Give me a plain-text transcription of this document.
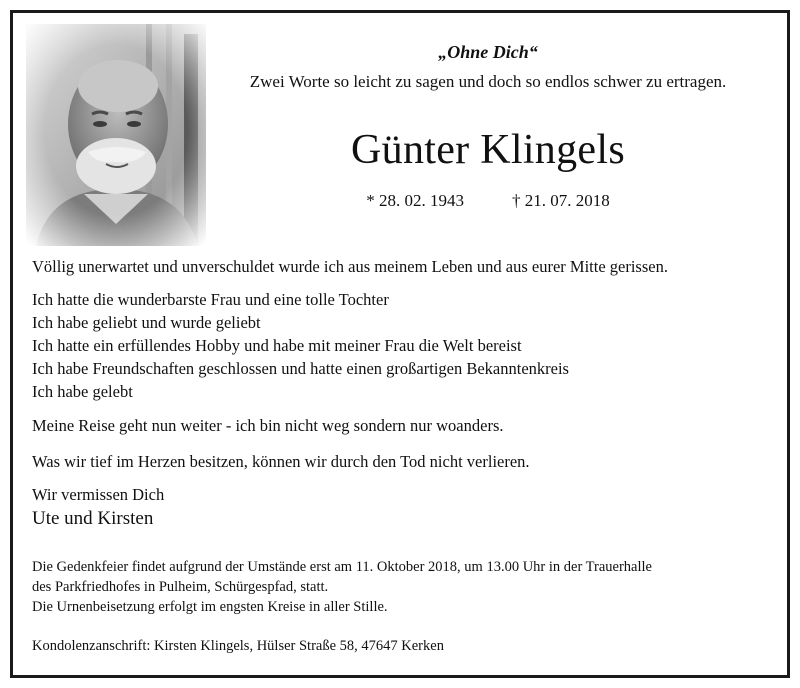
„Ohne Dich“
Zwei Worte so leicht zu sagen und doch so endlos schwer zu ertragen.
Günter Klingels
* 28. 02. 1943	† 21. 07. 2018
Völlig unerwartet und unverschuldet wurde ich aus meinem Leben und aus eurer Mitte gerissen.
Ich hatte die wunderbarste Frau und eine tolle Tochter
Ich habe geliebt und wurde geliebt
Ich hatte ein erfüllendes Hobby und habe mit meiner Frau die Welt bereist
Ich habe Freundschaften geschlossen und hatte einen großartigen Bekanntenkreis
Ich habe gelebt
Meine Reise geht nun weiter - ich bin nicht weg sondern nur woanders.
Was wir tief im Herzen besitzen, können wir durch den Tod nicht verlieren.
Wir vermissen Dich
Ute und Kirsten
Die Gedenkfeier findet aufgrund der Umstände erst am 11. Oktober 2018, um 13.00 Uhr in der Trauerhalle
des Parkfriedhofes in Pulheim, Schürgespfad, statt.
Die Urnenbeisetzung erfolgt im engsten Kreise in aller Stille.
Kondolenzanschrift: Kirsten Klingels, Hülser Straße 58, 47647 Kerken
